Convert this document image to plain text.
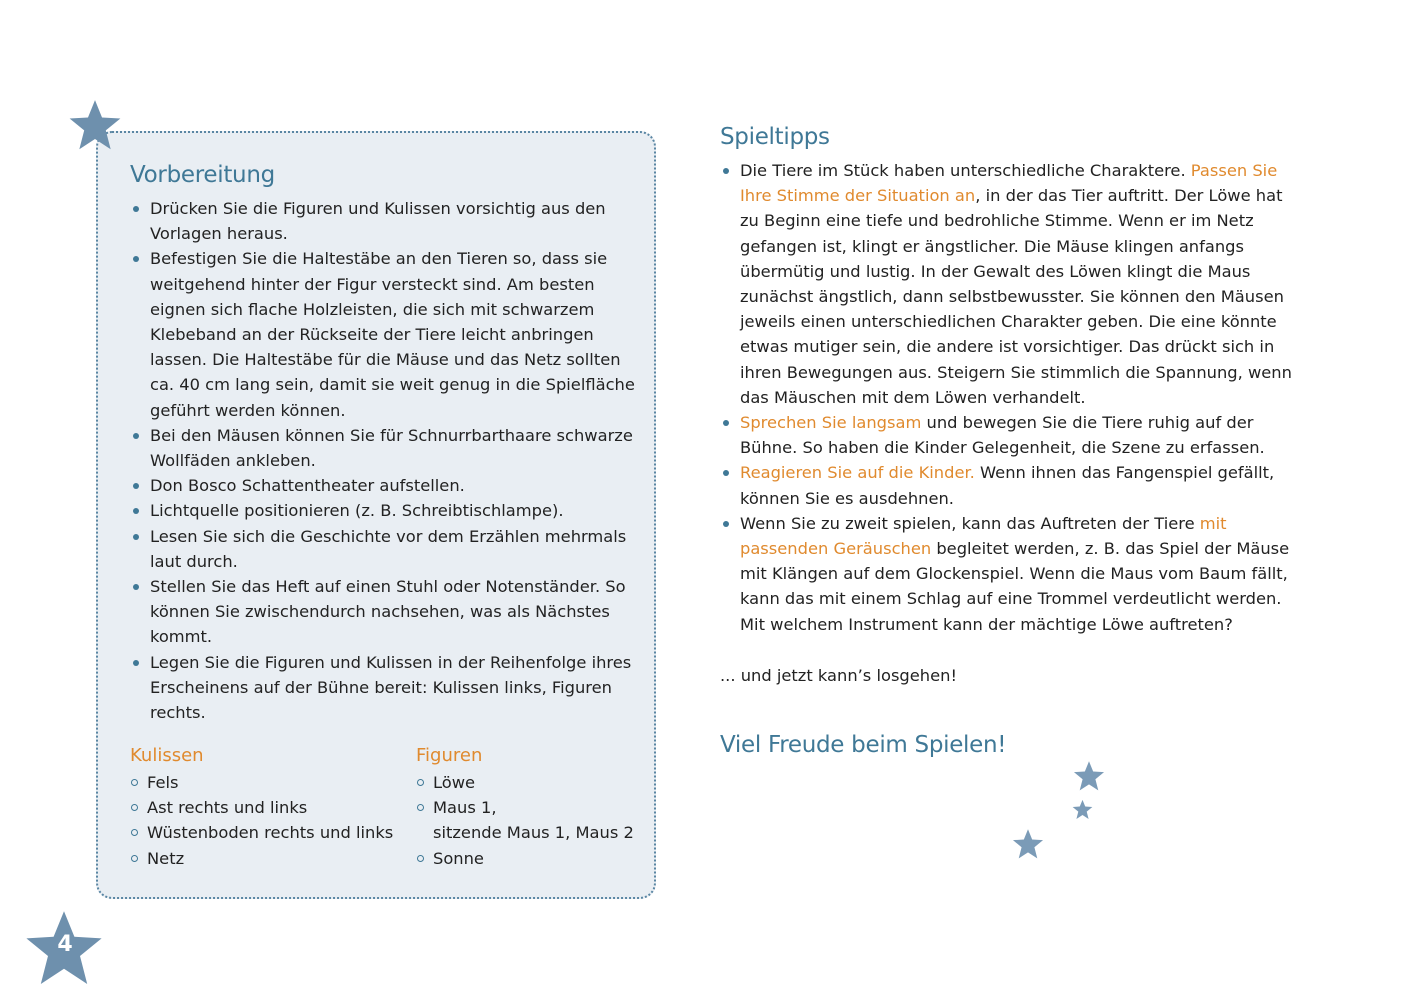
4
Vorbereitung
Drücken Sie die Figuren und Kulissen vorsichtig aus den Vorlagen heraus.
Befestigen Sie die Haltestäbe an den Tieren so, dass sie weitgehend hinter der Figur versteckt sind. Am besten eignen sich flache Holzleisten, die sich mit schwarzem Klebeband an der Rückseite der Tiere leicht anbringen lassen. Die Haltestäbe für die Mäuse und das Netz sollten ca. 40 cm lang sein, damit sie weit genug in die Spielfläche geführt werden können.
Bei den Mäusen können Sie für Schnurrbarthaare schwarze Wollfäden ankleben.
Don Bosco Schattentheater aufstellen.
Lichtquelle positionieren (z. B. Schreibtischlampe).
Lesen Sie sich die Geschichte vor dem Erzählen mehrmals laut durch.
Stellen Sie das Heft auf einen Stuhl oder Notenständer. So können Sie zwischendurch nachsehen, was als Nächstes kommt.
Legen Sie die Figuren und Kulissen in der Reihenfolge ihres Erscheinens auf der Bühne bereit: Kulissen links, Figuren rechts.
Kulissen
Fels
Ast rechts und links
Wüstenboden rechts und links
Netz
Figuren
Löwe
Maus 1,
sitzende Maus 1, Maus 2
Sonne
Spieltipps
Die Tiere im Stück haben unterschiedliche Charaktere. Passen Sie Ihre Stimme der Situation an, in der das Tier auftritt. Der Löwe hat zu Beginn eine tiefe und bedrohliche Stimme. Wenn er im Netz gefangen ist, klingt er ängstlicher. Die Mäuse klingen anfangs übermütig und lustig. In der Gewalt des Löwen klingt die Maus zunächst ängstlich, dann selbstbewusster. Sie können den Mäusen jeweils einen unterschiedlichen Charakter geben. Die eine könnte etwas mutiger sein, die andere ist vorsichtiger. Das drückt sich in ihren Bewegungen aus. Steigern Sie stimmlich die Spannung, wenn das Mäuschen mit dem Löwen verhandelt.
Sprechen Sie langsam und bewegen Sie die Tiere ruhig auf der Bühne. So haben die Kinder Gelegenheit, die Szene zu erfassen.
Reagieren Sie auf die Kinder. Wenn ihnen das Fangenspiel gefällt, können Sie es ausdehnen.
Wenn Sie zu zweit spielen, kann das Auftreten der Tiere mit passenden Geräuschen begleitet werden, z. B. das Spiel der Mäuse mit Klängen auf dem Glockenspiel. Wenn die Maus vom Baum fällt, kann das mit einem Schlag auf eine Trommel verdeutlicht werden. Mit welchem Instrument kann der mächtige Löwe auftreten?

... und jetzt kann’s losgehen!

Viel Freude beim Spielen!
